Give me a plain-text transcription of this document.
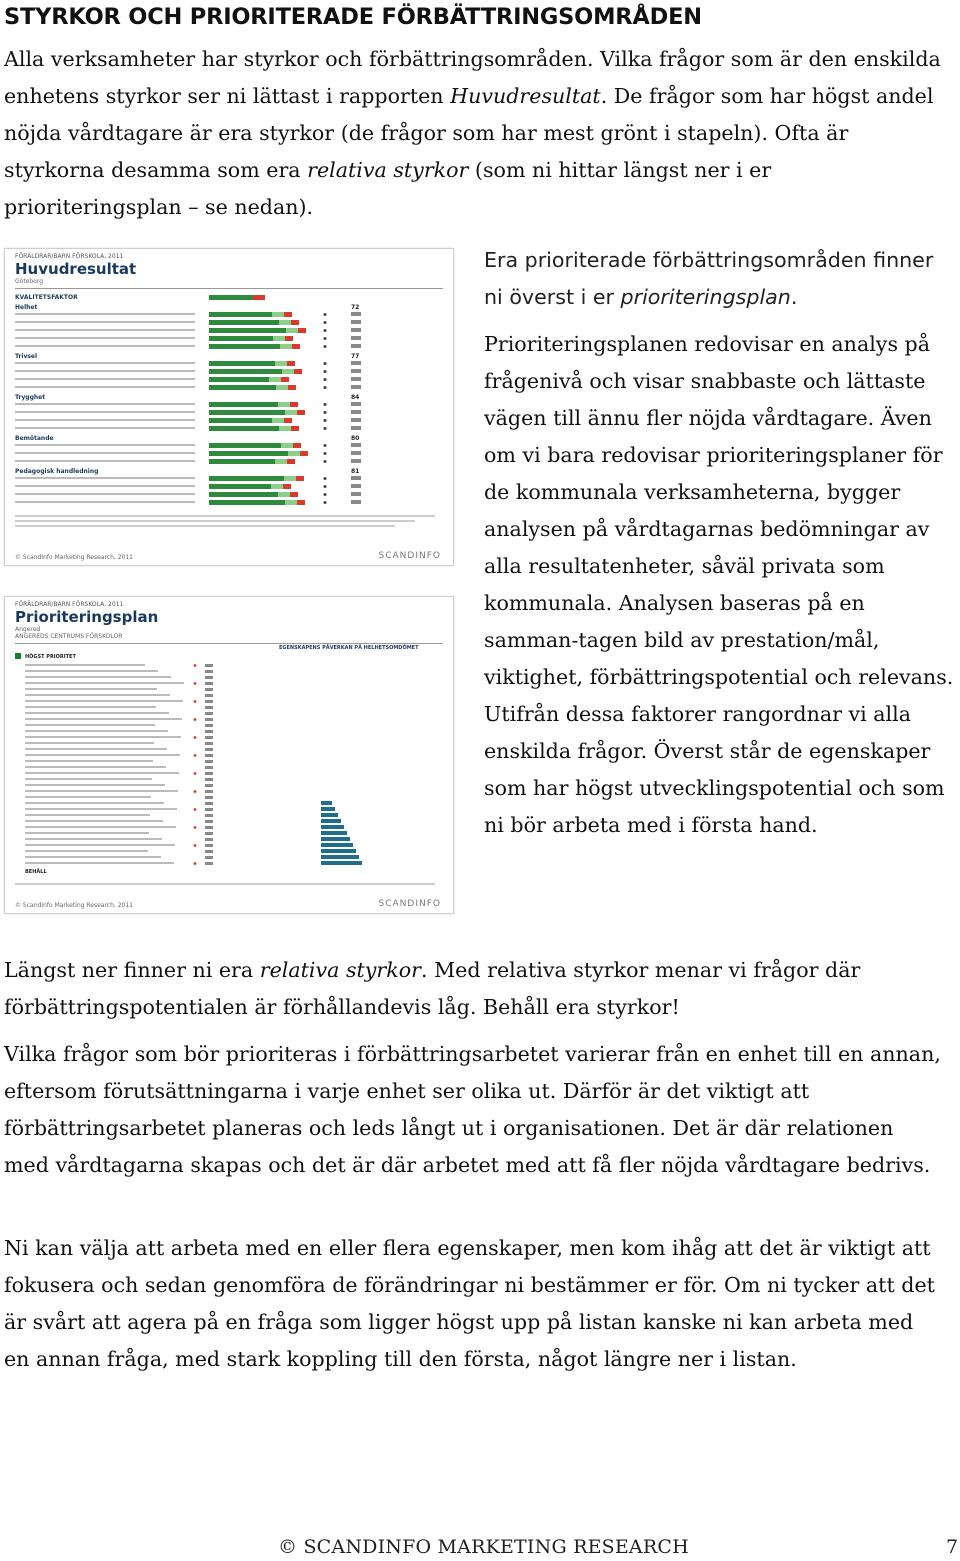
STYRKOR OCH PRIORITERADE FÖRBÄTTRINGSOMRÅDEN

Alla verksamheter har styrkor och förbättringsområden. Vilka frågor som är den enskilda enhetens styrkor ser ni lättast i rapporten Huvudresultat. De frågor som har högst andel nöjda vårdtagare är era styrkor (de frågor som har mest grönt i stapeln). Ofta är styrkorna desamma som era relativa styrkor (som ni hittar längst ner i er prioriteringsplan – se nedan).

FÖRÄLDRAR/BARN FÖRSKOLA, 2011
Huvudresultat
Göteborg
KVALITETSFAKTOR
Helhet	72
Trivsel	77
Trygghet	84
Bemötande	80
Pedagogisk handledning	81
© ScandInfo Marketing Research, 2011	SCANDINFO
FÖRÄLDRAR/BARN FÖRSKOLA, 2011
Prioriteringsplan
Angered
ANGEREDS CENTRUMS FÖRSKOLOR
EGENSKAPENS PÅVERKAN PÅ HELHETSOMDÖMET
HÖGST PRIORITET
BEHÅLL
© ScandInfo Marketing Research, 2011	SCANDINFO

Era prioriterade förbättringsområden finner ni överst i er prioriteringsplan.

Prioriteringsplanen redovisar en analys på frågenivå och visar snabbaste och lättaste vägen till ännu fler nöjda vårdtagare. Även om vi bara redovisar prioriteringsplaner för de kommunala verksamheterna, bygger analysen på vårdtagarnas bedömningar av alla resultatenheter, såväl privata som kommunala. Analysen baseras på en samman-tagen bild av prestation/mål, viktighet, förbättringspotential och relevans. Utifrån dessa faktorer rangordnar vi alla enskilda frågor. Överst står de egenskaper som har högst utvecklingspotential och som ni bör arbeta med i första hand.

Längst ner finner ni era relativa styrkor. Med relativa styrkor menar vi frågor där förbättringspotentialen är förhållandevis låg. Behåll era styrkor!

Vilka frågor som bör prioriteras i förbättringsarbetet varierar från en enhet till en annan, eftersom förutsättningarna i varje enhet ser olika ut. Därför är det viktigt att förbättringsarbetet planeras och leds långt ut i organisationen. Det är där relationen med vårdtagarna skapas och det är där arbetet med att få fler nöjda vårdtagare bedrivs.

Ni kan välja att arbeta med en eller flera egenskaper, men kom ihåg att det är viktigt att fokusera och sedan genomföra de förändringar ni bestämmer er för. Om ni tycker att det är svårt att agera på en fråga som ligger högst upp på listan kanske ni kan arbeta med en annan fråga, med stark koppling till den första, något längre ner i listan.

© SCANDINFO MARKETING RESEARCH	7
